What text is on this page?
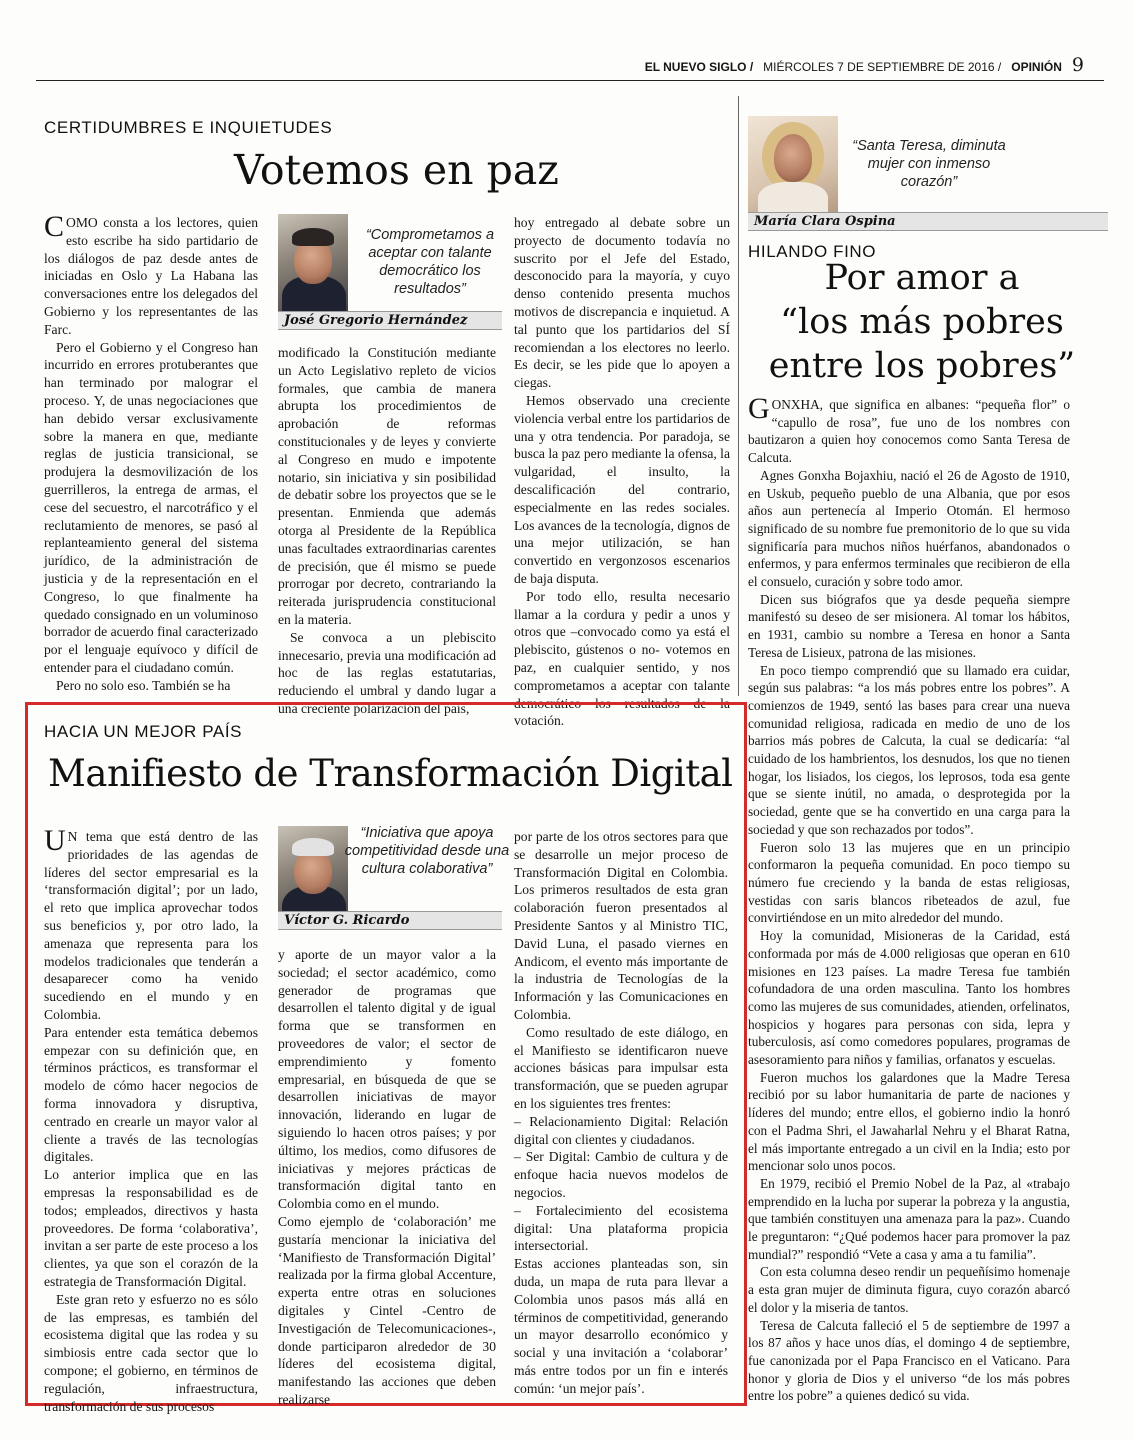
EL NUEVO SIGLO / MIÉRCOLES 7 DE SEPTIEMBRE DE 2016 / OPINIÓN 9
CERTIDUMBRES E INQUIETUDES
Votemos en paz

COMO consta a los lectores, quien esto escribe ha sido partidario de los diálogos de paz desde antes de iniciadas en Oslo y La Habana las conversaciones entre los delegados del Gobierno y los representantes de las Farc.

Pero el Gobierno y el Congreso han incurrido en errores protuberantes que han terminado por malograr el proceso. Y, de unas negociaciones que han debido versar exclusivamente sobre la manera en que, mediante reglas de justicia transicional, se produjera la desmovilización de los guerrilleros, la entrega de armas, el cese del secuestro, el narcotráfico y el reclutamiento de menores, se pasó al replanteamiento general del sistema jurídico, de la administración de justicia y de la representación en el Congreso, lo que finalmente ha quedado consignado en un voluminoso borrador de acuerdo final caracterizado por el lenguaje equívoco y difícil de entender para el ciudadano común.

Pero no solo eso. También se ha

“Comprometamos a aceptar con talante democrático los resultados”
José Gregorio Hernández

modificado la Constitución mediante un Acto Legislativo repleto de vicios formales, que cambia de manera abrupta los procedimientos de aprobación de reformas constitucionales y de leyes y convierte al Congreso en mudo e impotente notario, sin iniciativa y sin posibilidad de debatir sobre los proyectos que se le presentan. Enmienda que además otorga al Presidente de la República unas facultades extraordinarias carentes de precisión, que él mismo se puede prorrogar por decreto, contrariando la reiterada jurisprudencia constitucional en la materia.

Se convoca a un plebiscito innecesario, previa una modificación ad hoc de las reglas estatutarias, reduciendo el umbral y dando lugar a una creciente polarización del país,

hoy entregado al debate sobre un proyecto de documento todavía no suscrito por el Jefe del Estado, desconocido para la mayoría, y cuyo denso contenido presenta muchos motivos de discrepancia e inquietud. A tal punto que los partidarios del SÍ recomiendan a los electores no leerlo. Es decir, se les pide que lo apoyen a ciegas.

Hemos observado una creciente violencia verbal entre los partidarios de una y otra tendencia. Por paradoja, se busca la paz pero mediante la ofensa, la vulgaridad, el insulto, la descalificación del contrario, especialmente en las redes sociales. Los avances de la tecnología, dignos de una mejor utilización, se han convertido en vergonzosos escenarios de baja disputa.

Por todo ello, resulta necesario llamar a la cordura y pedir a unos y otros que –convocado como ya está el plebiscito, gústenos o no- votemos en paz, en cualquier sentido, y nos comprometamos a aceptar con talante democrático los resultados de la votación.

HACIA UN MEJOR PAÍS
Manifiesto de Transformación Digital

UN tema que está dentro de las prioridades de las agendas de líderes del sector empresarial es la ‘transformación digital’; por un lado, el reto que implica aprovechar todos sus beneficios y, por otro lado, la amenaza que representa para los modelos tradicionales que tenderán a desaparecer como ha venido sucediendo en el mundo y en Colombia.

Para entender esta temática debemos empezar con su definición que, en términos prácticos, es transformar el modelo de cómo hacer negocios de forma innovadora y disruptiva, centrado en crearle un mayor valor al cliente a través de las tecnologías digitales.

Lo anterior implica que en las empresas la responsabilidad es de todos; empleados, directivos y hasta proveedores. De forma ‘colaborativa’, invitan a ser parte de este proceso a los clientes, ya que son el corazón de la estrategia de Transformación Digital.

Este gran reto y esfuerzo no es sólo de las empresas, es también del ecosistema digital que las rodea y su simbiosis entre cada sector que lo compone; el gobierno, en términos de regulación, infraestructura, transformación de sus procesos

“Iniciativa que apoya competitividad desde una cultura colaborativa”
Víctor G. Ricardo

y aporte de un mayor valor a la sociedad; el sector académico, como generador de programas que desarrollen el talento digital y de igual forma que se transformen en proveedores de valor; el sector de emprendimiento y fomento empresarial, en búsqueda de que se desarrollen iniciativas de mayor innovación, liderando en lugar de siguiendo lo hacen otros países; y por último, los medios, como difusores de iniciativas y mejores prácticas de transformación digital tanto en Colombia como en el mundo.

Como ejemplo de ‘colaboración’ me gustaría mencionar la iniciativa del ‘Manifiesto de Transformación Digital’ realizada por la firma global Accenture, experta entre otras en soluciones digitales y Cintel -Centro de Investigación de Telecomunicaciones-, donde participaron alrededor de 30 líderes del ecosistema digital, manifestando las acciones que deben realizarse

por parte de los otros sectores para que se desarrolle un mejor proceso de Transformación Digital en Colombia. Los primeros resultados de esta gran colaboración fueron presentados al Presidente Santos y al Ministro TIC, David Luna, el pasado viernes en Andicom, el evento más importante de la industria de Tecnologías de la Información y las Comunicaciones en Colombia.

Como resultado de este diálogo, en el Manifiesto se identificaron nueve acciones básicas para impulsar esta transformación, que se pueden agrupar en los siguientes tres frentes:

– Relacionamiento Digital: Relación digital con clientes y ciudadanos.

– Ser Digital: Cambio de cultura y de enfoque hacia nuevos modelos de negocios.

– Fortalecimiento del ecosistema digital: Una plataforma propicia intersectorial.

Estas acciones planteadas son, sin duda, un mapa de ruta para llevar a Colombia unos pasos más allá en términos de competitividad, generando un mayor desarrollo económico y social y una invitación a ‘colaborar’ más entre todos por un fin e interés común: ‘un mejor país’.

“Santa Teresa, diminuta mujer con inmenso corazón”
María Clara Ospina
HILANDO FINO
Por amor a
“los más pobres
entre los pobres”

GONXHA, que significa en albanes: “pequeña flor” o “capullo de rosa”, fue uno de los nombres con bautizaron a quien hoy conocemos como Santa Teresa de Calcuta.

Agnes Gonxha Bojaxhiu, nació el 26 de Agosto de 1910, en Uskub, pequeño pueblo de una Albania, que por esos años aun pertenecía al Imperio Otomán. El hermoso significado de su nombre fue premonitorio de lo que su vida significaría para muchos niños huérfanos, abandonados o enfermos, y para enfermos terminales que recibieron de ella el consuelo, curación y sobre todo amor.

Dicen sus biógrafos que ya desde pequeña siempre manifestó su deseo de ser misionera. Al tomar los hábitos, en 1931, cambio su nombre a Teresa en honor a Santa Teresa de Lisieux, patrona de las misiones.

En poco tiempo comprendió que su llamado era cuidar, según sus palabras: “a los más pobres entre los pobres”. A comienzos de 1949, sentó las bases para crear una nueva comunidad religiosa, radicada en medio de uno de los barrios más pobres de Calcuta, la cual se dedicaría: “al cuidado de los hambrientos, los desnudos, los que no tienen hogar, los lisiados, los ciegos, los leprosos, toda esa gente que se siente inútil, no amada, o desprotegida por la sociedad, gente que se ha convertido en una carga para la sociedad y que son rechazados por todos”.

Fueron solo 13 las mujeres que en un principio conformaron la pequeña comunidad. En poco tiempo su número fue creciendo y la banda de estas religiosas, vestidas con saris blancos ribeteados de azul, fue convirtiéndose en un mito alrededor del mundo.

Hoy la comunidad, Misioneras de la Caridad, está conformada por más de 4.000 religiosas que operan en 610 misiones en 123 países. La madre Teresa fue también cofundadora de una orden masculina. Tanto los hombres como las mujeres de sus comunidades, atienden, orfelinatos, hospicios y hogares para personas con sida, lepra y tuberculosis, así como comedores populares, programas de asesoramiento para niños y familias, orfanatos y escuelas.

Fueron muchos los galardones que la Madre Teresa recibió por su labor humanitaria de parte de naciones y líderes del mundo; entre ellos, el gobierno indio la honró con el Padma Shri, el Jawaharlal Nehru y el Bharat Ratna, el más importante entregado a un civil en la India; esto por mencionar solo unos pocos.

En 1979, recibió el Premio Nobel de la Paz, al «trabajo emprendido en la lucha por superar la pobreza y la angustia, que también constituyen una amenaza para la paz». Cuando le preguntaron: “¿Qué podemos hacer para promover la paz mundial?” respondió “Vete a casa y ama a tu familia”.

Con esta columna deseo rendir un pequeñísimo homenaje a esta gran mujer de diminuta figura, cuyo corazón abarcó el dolor y la miseria de tantos.

Teresa de Calcuta falleció el 5 de septiembre de 1997 a los 87 años y hace unos días, el domingo 4 de septiembre, fue canonizada por el Papa Francisco en el Vaticano. Para honor y gloria de Dios y el universo “de los más pobres entre los pobre” a quienes dedicó su vida.
